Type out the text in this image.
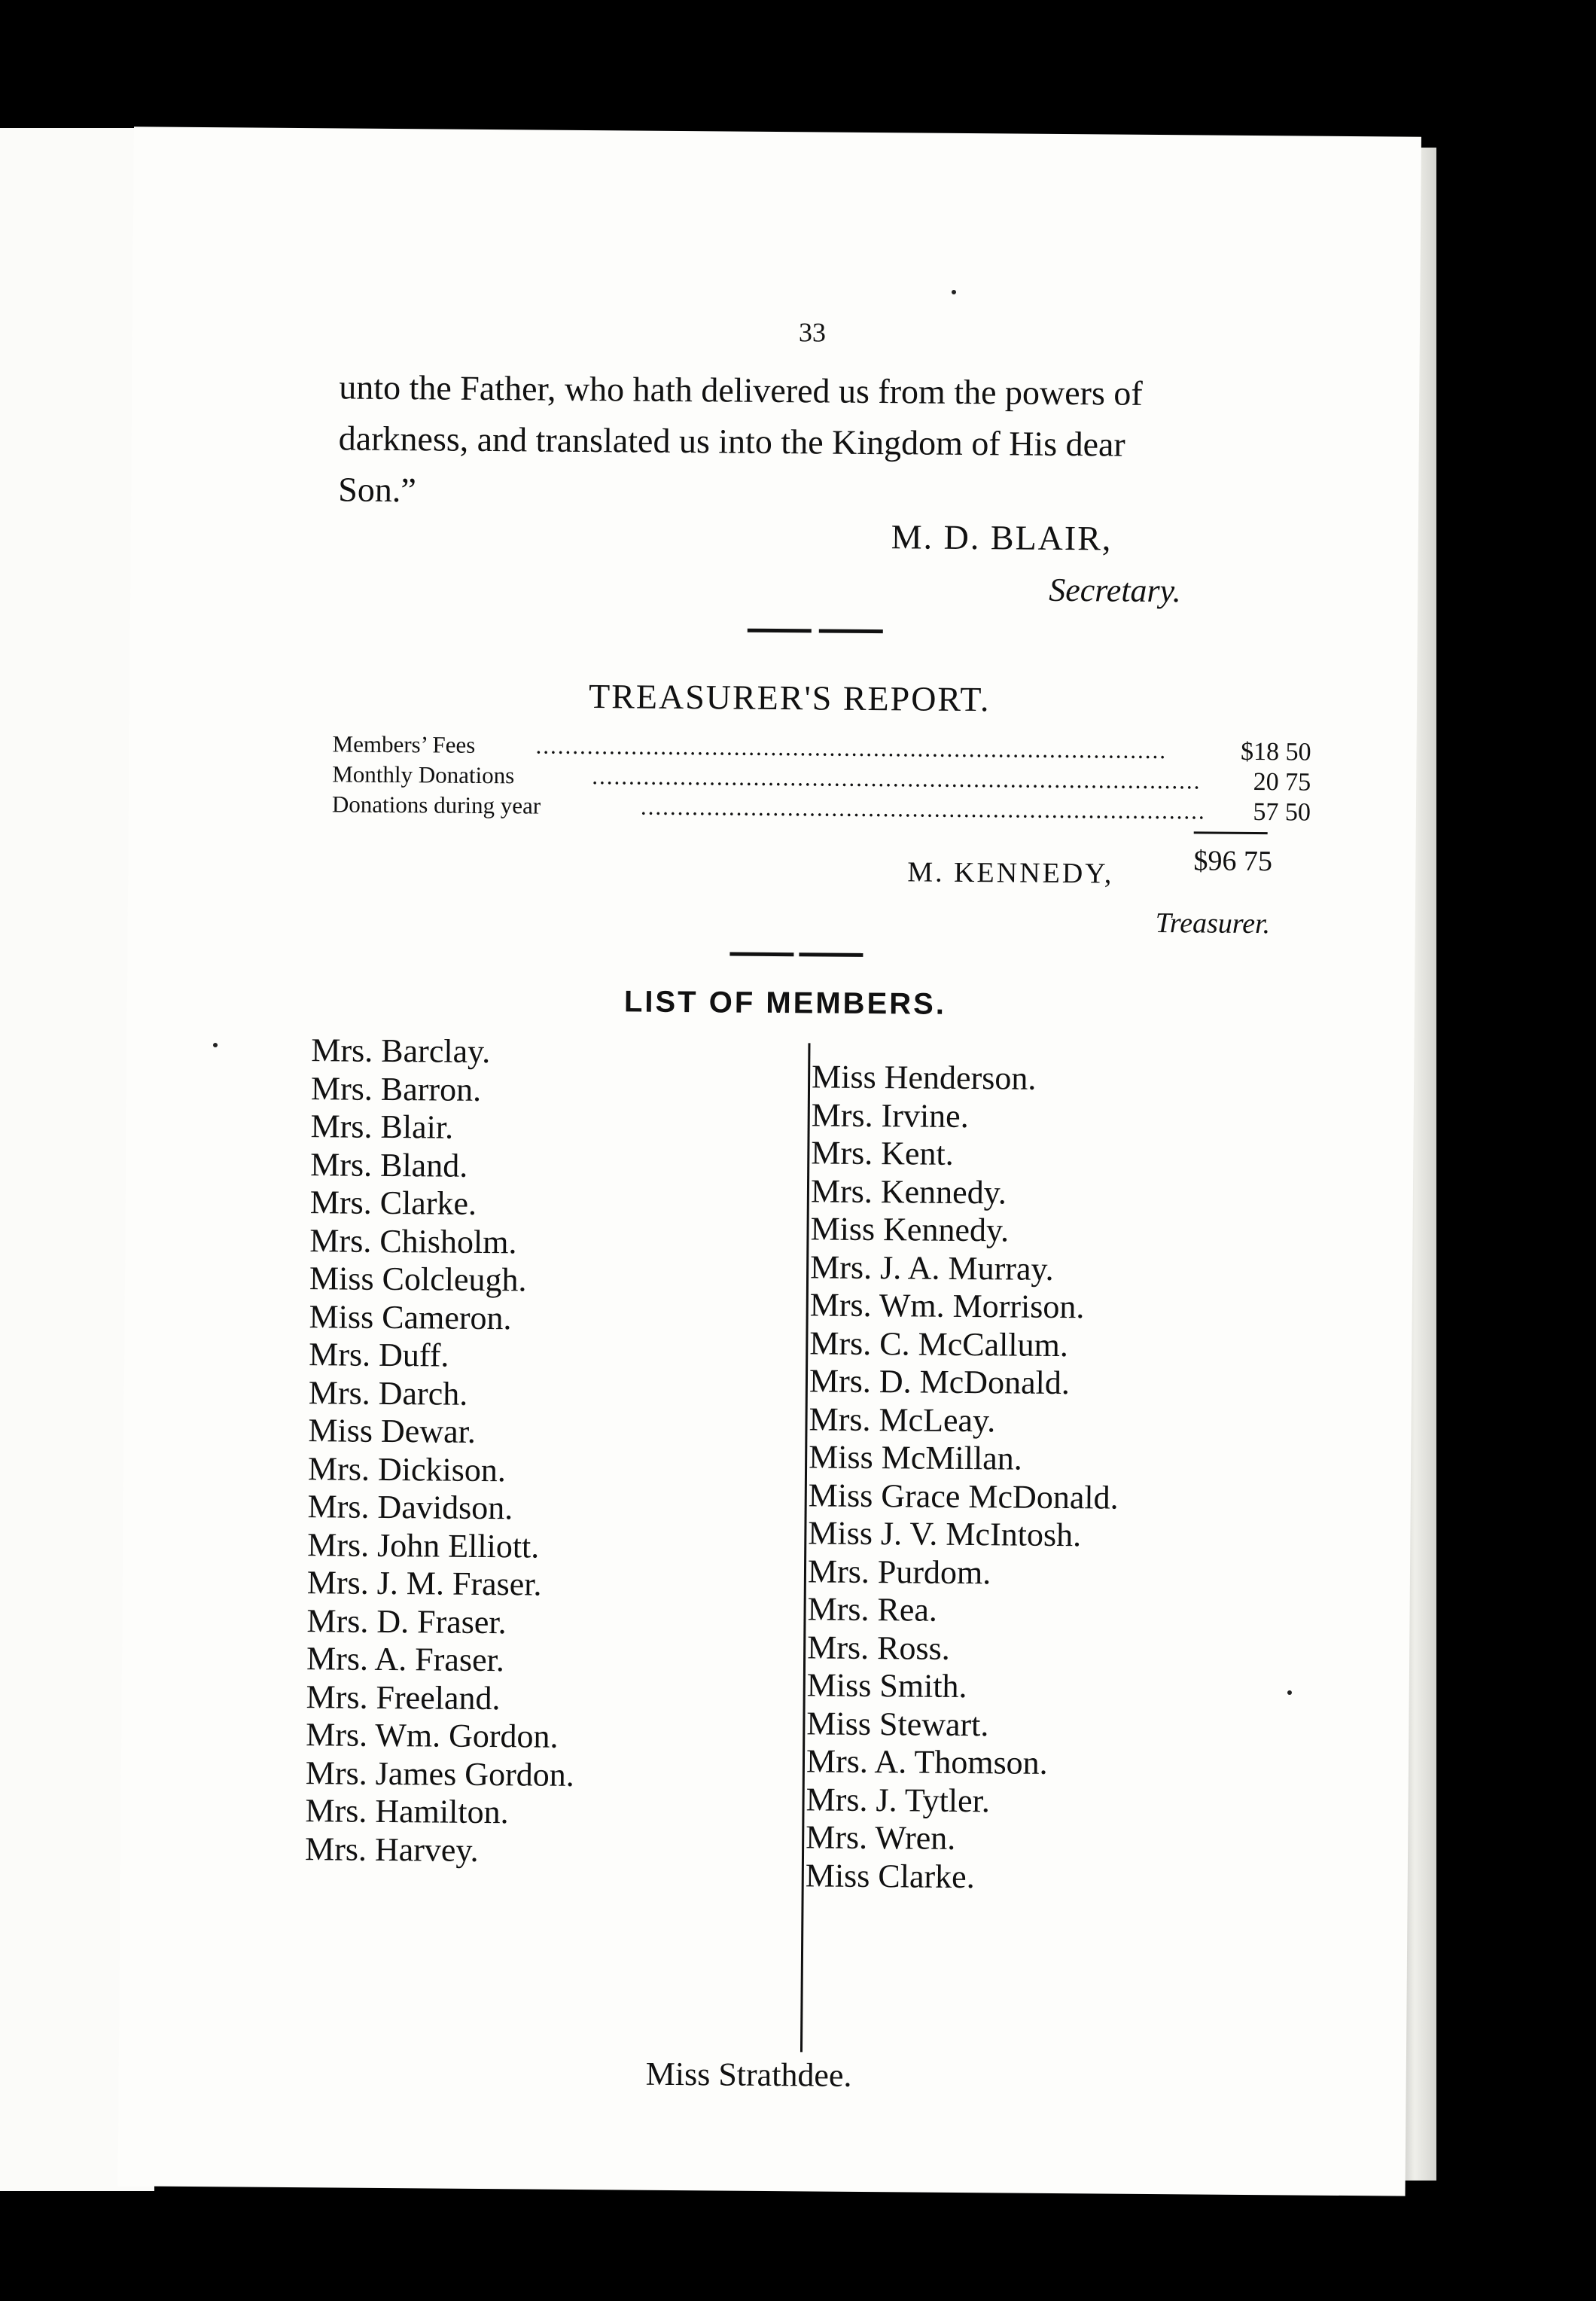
33
unto the Father, who hath delivered us from the powers of
darkness, and translated us into the Kingdom of His dear
Son.”
M. D. BLAIR,
Secretary.
TREASURER'S REPORT.
Members’ Fees	......................................................................................	$18 50
Monthly Donations	................................................................................... 20 75
Donations during year	............................................................................. 57 50
$96 75
M. KENNEDY,
Treasurer.
LIST OF MEMBERS.
Mrs. Barclay.
Mrs. Barron.
Mrs. Blair.
Mrs. Bland.
Mrs. Clarke.
Mrs. Chisholm.
Miss Colcleugh.
Miss Cameron.
Mrs. Duff.
Mrs. Darch.
Miss Dewar.
Mrs. Dickison.
Mrs. Davidson.
Mrs. John Elliott.
Mrs. J. M. Fraser.
Mrs. D. Fraser.
Mrs. A. Fraser.
Mrs. Freeland.
Mrs. Wm. Gordon.
Mrs. James Gordon.
Mrs. Hamilton.
Mrs. Harvey.
Miss Henderson.
Mrs. Irvine.
Mrs. Kent.
Mrs. Kennedy.
Miss Kennedy.
Mrs. J. A. Murray.
Mrs. Wm. Morrison.
Mrs. C. McCallum.
Mrs. D. McDonald.
Mrs. McLeay.
Miss McMillan.
Miss Grace McDonald.
Miss J. V. McIntosh.
Mrs. Purdom.
Mrs. Rea.
Mrs. Ross.
Miss Smith.
Miss Stewart.
Mrs. A. Thomson.
Mrs. J. Tytler.
Mrs. Wren.
Miss Clarke.
Miss Strathdee.
